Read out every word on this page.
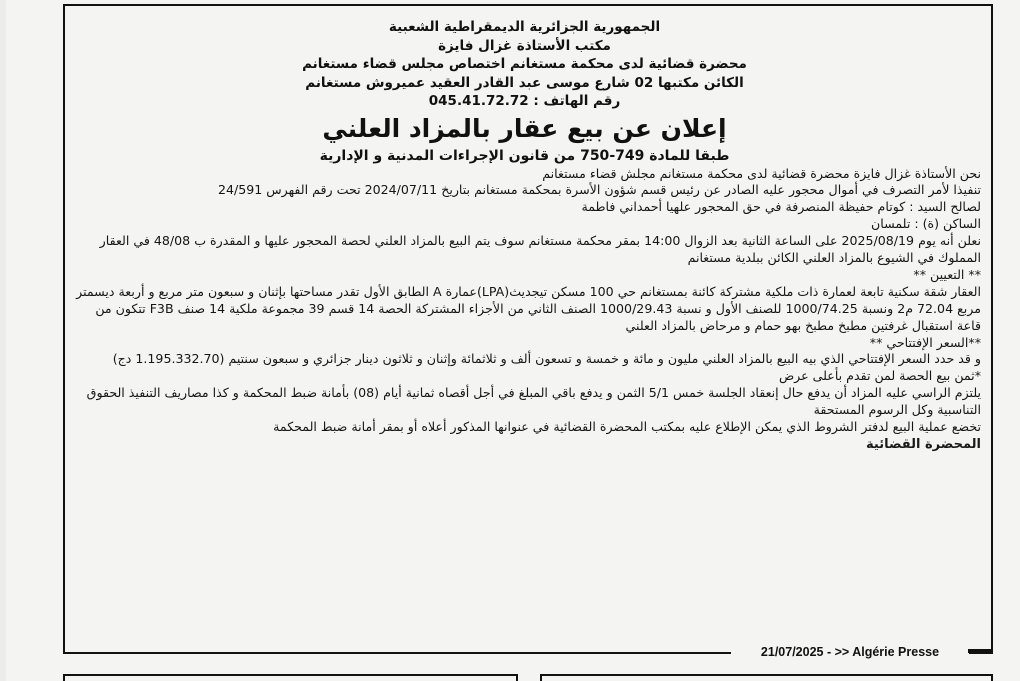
الجمهورية الجزائرية الديمقراطية الشعبية
مكتب الأستاذة غزال فايزة
محضرة قضائية لدى محكمة مستغانم اختصاص مجلس قضاء مستغانم
الكائن مكتبها 02 شارع موسى عبد القادر العقيد عميروش مستغانم
رقم الهاتف : 045.41.72.72
إعلان عن بيع عقار بالمزاد العلني
طبقا للمادة 749-750 من قانون الإجراءات المدنية و الإدارية

نحن الأستاذة غزال فايزة محضرة قضائية لدى محكمة مستغانم مجلش قضاء مستغانم

تنفيذا لأمر التصرف في أموال محجور عليه الصادر عن رئيس قسم شؤون الأسرة بمحكمة مستغانم بتاريخ 2024/07/11 تحت رقم الفهرس 24/591

لصالح السيد : كوتام حفيظة المنصرفة في حق المحجور علهيا أحمداني فاطمة

الساكن (ة) : تلمسان

نعلن أنه يوم 2025/08/19 على الساعة الثانية بعد الزوال 14:00 بمقر محكمة مستغانم سوف يتم البيع بالمزاد العلني لحصة المحجور عليها و المقدرة ب 48/08 في العقار المملوك في الشيوع بالمزاد العلني الكائن ببلدية مستغانم

** التعيين **

العقار شقة سكنية تابعة لعمارة ذات ملكية مشتركة كائنة بمستغانم حي 100 مسكن تيجديث(LPA)عمارة A الطابق الأول تقدر مساحتها بإثنان و سبعون متر مربع و أربعة ديسمتر مربع 72.04 م2 ونسبة 1000/74.25 للصنف الأول و نسبة 1000/29.43 الصنف الثاني من الأجزاء المشتركة الحصة 14 قسم 39 مجموعة ملكية 14 صنف F3B تتكون من قاعة استقبال غرفتين مطبخ مطبخ بهو حمام و مرحاض بالمزاد العلني

**السعر الإفتتاحي **

و قد حدد السعر الإفتتاحي الذي بيه البيع بالمزاد العلني مليون و مائة و خمسة و تسعون ألف و ثلاثمائة وإثنان و ثلاثون دينار جزائري و سبعون سنتيم (1.195.332.70 دج)

*ثمن بيع الحصة لمن تقدم بأعلى عرض

يلتزم الراسي عليه المزاد أن يدفع حال إنعقاد الجلسة خمس 5/1 الثمن و يدفع باقي المبلغ في أجل أقصاه ثمانية أيام (08) بأمانة ضبط المحكمة و كذا مصاريف التنفيذ الحقوق التناسبية وكل الرسوم المستحقة

تخضع عملية البيع لدفتر الشروط الذي يمكن الإطلاع عليه بمكتب المحضرة القضائية في عنوانها المذكور أعلاه أو بمقر أمانة ضبط المحكمة

المحضرة القضائية
21/07/2025 - >> Algérie Presse
